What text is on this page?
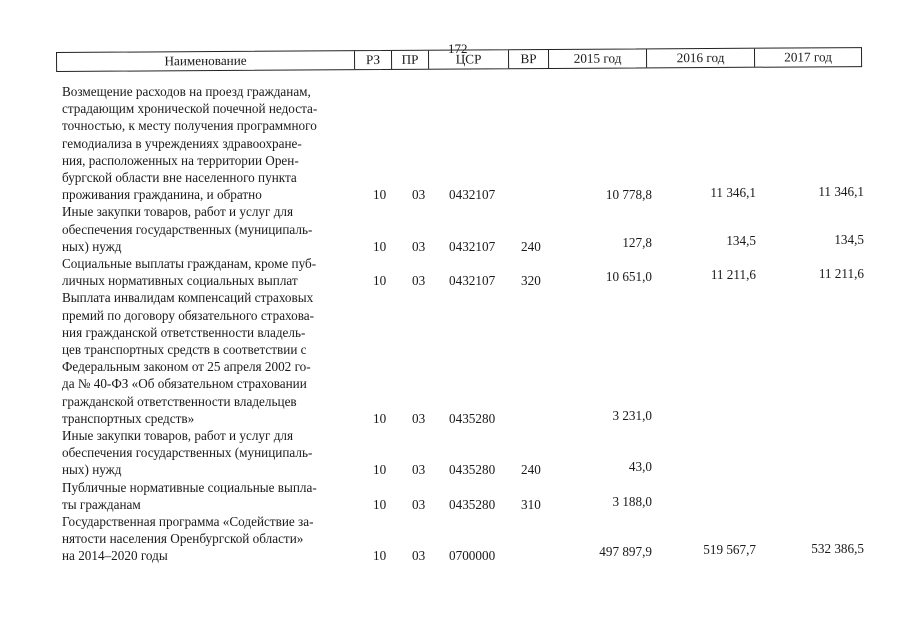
172
Наименование	РЗ	ПР	ЦСР	ВР	2015 год	2016 год	2017 год
Возмещение расходов на проезд гражданам,
страдающим хронической почечной недоста-
точностью, к месту получения программного
гемодиализа в учреждениях здравоохране-
ния, расположенных на территории Орен-
бургской области вне населенного пункта
проживания гражданина, и обратно	10 03 0432107	10 778,8	11 346,1	11 346,1
Иные закупки товаров, работ и услуг для
обеспечения государственных (муниципаль-
ных) нужд	10 03 0432107 240	127,8	134,5	134,5
Социальные выплаты гражданам, кроме пуб-
личных нормативных социальных выплат	10 03 0432107 320	10 651,0	11 211,6	11 211,6
Выплата инвалидам компенсаций страховых
премий по договору обязательного страхова-
ния гражданской ответственности владель-
цев транспортных средств в соответствии с
Федеральным законом от 25 апреля 2002 го-
да № 40-ФЗ «Об обязательном страховании
гражданской ответственности владельцев
транспортных средств»	10 03 0435280	3 231,0
Иные закупки товаров, работ и услуг для
обеспечения государственных (муниципаль-
ных) нужд	10 03 0435280 240	43,0
Публичные нормативные социальные выпла-
ты гражданам	10 03 0435280 310	3 188,0
Государственная программа «Содействие за-
нятости населения Оренбургской области»
на 2014–2020 годы	10 03 0700000	497 897,9	519 567,7	532 386,5
